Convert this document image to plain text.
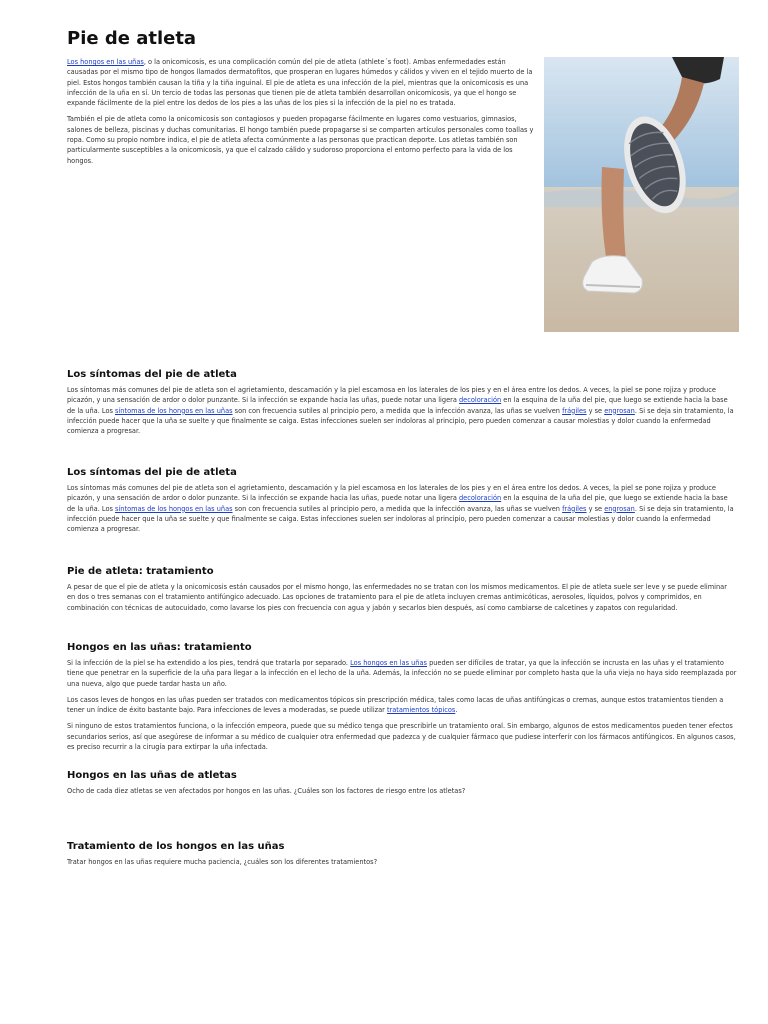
Pie de atleta

Los hongos en las uñas, o la onicomicosis, es una complicación común del pie de atleta (athlete´s foot). Ambas enfermedades están causadas por el mismo tipo de hongos llamados dermatofitos, que prosperan en lugares húmedos y cálidos y viven en el tejido muerto de la piel. Estos hongos también causan la tiña y la tiña inguinal. El pie de atleta es una infección de la piel, mientras que la onicomicosis es una infección de la uña en sí. Un tercio de todas las personas que tienen pie de atleta también desarrollan onicomicosis, ya que el hongo se expande fácilmente de la piel entre los dedos de los pies a las uñas de los pies si la infección de la piel no es tratada.

También el pie de atleta como la onicomicosis son contagiosos y pueden propagarse fácilmente en lugares como vestuarios, gimnasios, salones de belleza, piscinas y duchas comunitarias. El hongo también puede propagarse si se comparten artículos personales como toallas y ropa. Como su propio nombre indica, el pie de atleta afecta comúnmente a las personas que practican deporte. Los atletas también son particularmente susceptibles a la onicomicosis, ya que el calzado cálido y sudoroso proporciona el entorno perfecto para la vida de los hongos.

Los síntomas del pie de atleta

Los síntomas más comunes del pie de atleta son el agrietamiento, descamación y la piel escamosa en los laterales de los pies y en el área entre los dedos. A veces, la piel se pone rojiza y produce picazón, y una sensación de ardor o dolor punzante. Si la infección se expande hacia las uñas, puede notar una ligera decoloración en la esquina de la uña del pie, que luego se extiende hacia la base de la uña. Los síntomas de los hongos en las uñas son con frecuencia sutiles al principio pero, a medida que la infección avanza, las uñas se vuelven frágiles y se engrosan. Si se deja sin tratamiento, la infección puede hacer que la uña se suelte y que finalmente se caiga. Estas infecciones suelen ser indoloras al principio, pero pueden comenzar a causar molestias y dolor cuando la enfermedad comienza a progresar.

Los síntomas del pie de atleta

Los síntomas más comunes del pie de atleta son el agrietamiento, descamación y la piel escamosa en los laterales de los pies y en el área entre los dedos. A veces, la piel se pone rojiza y produce picazón, y una sensación de ardor o dolor punzante. Si la infección se expande hacia las uñas, puede notar una ligera decoloración en la esquina de la uña del pie, que luego se extiende hacia la base de la uña. Los síntomas de los hongos en las uñas son con frecuencia sutiles al principio pero, a medida que la infección avanza, las uñas se vuelven frágiles y se engrosan. Si se deja sin tratamiento, la infección puede hacer que la uña se suelte y que finalmente se caiga. Estas infecciones suelen ser indoloras al principio, pero pueden comenzar a causar molestias y dolor cuando la enfermedad comienza a progresar.

Pie de atleta: tratamiento

A pesar de que el pie de atleta y la onicomicosis están causados por el mismo hongo, las enfermedades no se tratan con los mismos medicamentos. El pie de atleta suele ser leve y se puede eliminar en dos o tres semanas con el tratamiento antifúngico adecuado. Las opciones de tratamiento para el pie de atleta incluyen cremas antimicóticas, aerosoles, líquidos, polvos y comprimidos, en combinación con técnicas de autocuidado, como lavarse los pies con frecuencia con agua y jabón y secarlos bien después, así como cambiarse de calcetines y zapatos con regularidad.

Hongos en las uñas: tratamiento

Si la infección de la piel se ha extendido a los pies, tendrá que tratarla por separado. Los hongos en las uñas pueden ser difíciles de tratar, ya que la infección se incrusta en las uñas y el tratamiento tiene que penetrar en la superficie de la uña para llegar a la infección en el lecho de la uña. Además, la infección no se puede eliminar por completo hasta que la uña vieja no haya sido reemplazada por una nueva, algo que puede tardar hasta un año.

Los casos leves de hongos en las uñas pueden ser tratados con medicamentos tópicos sin prescripción médica, tales como lacas de uñas antifúngicas o cremas, aunque estos tratamientos tienden a tener un índice de éxito bastante bajo. Para infecciones de leves a moderadas, se puede utilizar tratamientos tópicos.

Si ninguno de estos tratamientos funciona, o la infección empeora, puede que su médico tenga que prescribirle un tratamiento oral. Sin embargo, algunos de estos medicamentos pueden tener efectos secundarios serios, así que asegúrese de informar a su médico de cualquier otra enfermedad que padezca y de cualquier fármaco que pudiese interferir con los fármacos antifúngicos. En algunos casos, es preciso recurrir a la cirugía para extirpar la uña infectada.

Hongos en las uñas de atletas

Ocho de cada diez atletas se ven afectados por hongos en las uñas. ¿Cuáles son los factores de riesgo entre los atletas?

Tratamiento de los hongos en las uñas

Tratar hongos en las uñas requiere mucha paciencia, ¿cuáles son los diferentes tratamientos?
